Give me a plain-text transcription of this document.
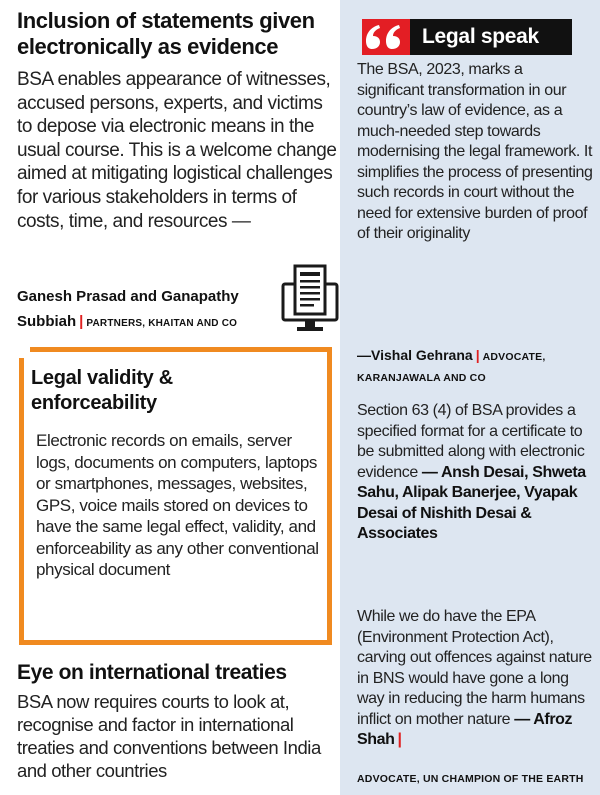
Inclusion of statements given electronically as evidence
BSA enables appearance of witnesses, accused persons, experts, and victims to depose via electronic means in the usual course. This is a welcome change aimed at mitigating logistical challenges for various stakeholders in terms of costs, time, and resources —
Ganesh Prasad and Ganapathy Subbiah | PARTNERS, KHAITAN AND CO
Legal validity & enforceability
Electronic records on emails, server logs, documents on computers, laptops or smartphones, messages, websites, GPS, voice mails stored on devices to have the same legal effect, validity, and enforceability as any other conventional physical document
Eye on international treaties
BSA now requires courts to look at, recognise and factor in international treaties and conventions between India and other countries
Legal speak
The BSA, 2023, marks a significant transformation in our country’s law of evidence, as a much-needed step towards modernising the legal framework. It simplifies the process of presenting such records in court without the need for extensive burden of proof of their originality
—Vishal Gehrana | ADVOCATE, KARANJAWALA AND CO
Section 63 (4) of BSA provides a specified format for a certificate to be submitted along with electronic evidence — Ansh Desai, Shweta Sahu, Alipak Banerjee, Vyapak Desai of Nishith Desai & Associates
While we do have the EPA (Environment Protection Act), carving out offences against nature in BNS would have gone a long way in reducing the harm humans inflict on mother nature — Afroz Shah |
ADVOCATE, UN CHAMPION OF THE EARTH
